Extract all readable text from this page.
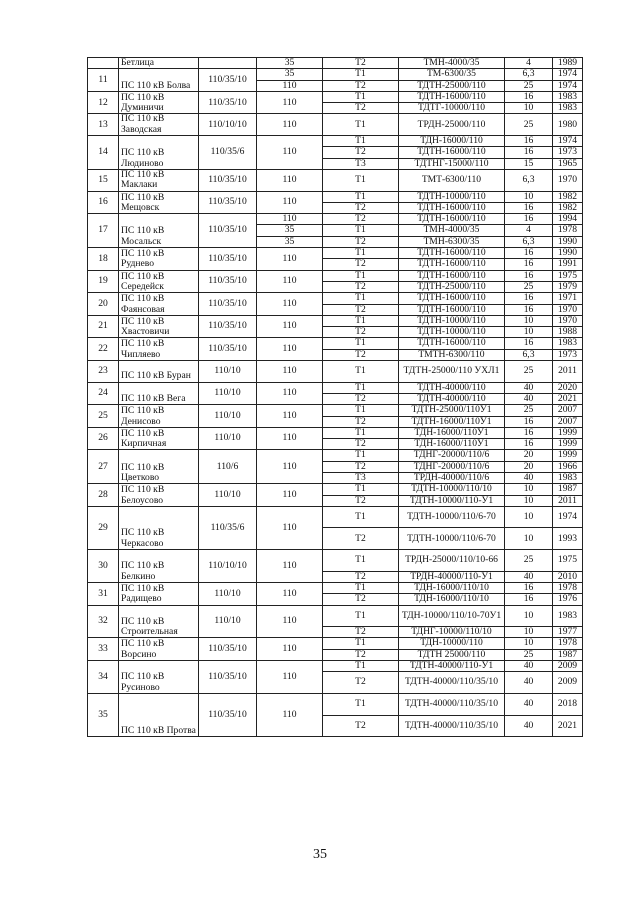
	Бетлица		35	Т2	ТМН-4000/35	4	1989
11	ПС 110 кВ Болва	110/35/10	35	Т1	ТМ-6300/35	6,3	1974
			110	Т2	ТДТН-25000/110	25	1974
12	ПС 110 кВ Думиничи	110/35/10	110	Т1	ТДТН-16000/110	16	1983
				Т2	ТДТГ-10000/110	10	1983
13	ПС 110 кВ Заводская	110/10/10	110	Т1	ТРДН-25000/110	25	1980
14	ПС 110 кВ Людиново	110/35/6	110	Т1	ТДН-16000/110	16	1974
				Т2	ТДТН-16000/110	16	1973
				Т3	ТДТНГ-15000/110	15	1965
15	ПС 110 кВ Маклаки	110/35/10	110	Т1	ТМТ-6300/110	6,3	1970
16	ПС 110 кВ Мещовск	110/35/10	110	Т1	ТДТН-10000/110	10	1982
				Т2	ТДТН-16000/110	16	1982
17	ПС 110 кВ Мосальск	110/35/10	110	Т2	ТДТН-16000/110	16	1994
			35	Т1	ТМН-4000/35	4	1978
			35	Т2	ТМН-6300/35	6,3	1990
18	ПС 110 кВ Руднево	110/35/10	110	Т1	ТДТН-16000/110	16	1990
				Т2	ТДТН-16000/110	16	1991
19	ПС 110 кВ Середейск	110/35/10	110	Т1	ТДТН-16000/110	16	1975
				Т2	ТДТН-25000/110	25	1979
20	ПС 110 кВ Фаянсовая	110/35/10	110	Т1	ТДТН-16000/110	16	1971
				Т2	ТДТН-16000/110	16	1970
21	ПС 110 кВ Хвастовичи	110/35/10	110	Т1	ТДТН-10000/110	10	1970
				Т2	ТДТН-10000/110	10	1988
22	ПС 110 кВ Чипляево	110/35/10	110	Т1	ТДТН-16000/110	16	1983
				Т2	ТМТН-6300/110	6,3	1973
23	ПС 110 кВ Буран	110/10	110	Т1	ТДТН-25000/110 УХЛ1	25	2011
24	ПС 110 кВ Вега	110/10	110	Т1	ТДТН-40000/110	40	2020
				Т2	ТДТН-40000/110	40	2021
25	ПС 110 кВ Денисово	110/10	110	Т1	ТДТН-25000/110У1	25	2007
				Т2	ТДТН-16000/110У1	16	2007
26	ПС 110 кВ Кирпичная	110/10	110	Т1	ТДН-16000/110У1	16	1999
				Т2	ТДН-16000/110У1	16	1999
27	ПС 110 кВ Цветково	110/6	110	Т1	ТДНГ-20000/110/6	20	1999
				Т2	ТДНГ-20000/110/6	20	1966
				Т3	ТРДН-40000/110/6	40	1983
28	ПС 110 кВ Белоусово	110/10	110	Т1	ТДТН-10000/110/10	10	1987
				Т2	ТДТН-10000/110-У1	10	2011
29	ПС 110 кВ Черкасово	110/35/6	110	Т1	ТДТН-10000/110/6-70	10	1974
				Т2	ТДТН-10000/110/6-70	10	1993
30	ПС 110 кВ Белкино	110/10/10	110	Т1	ТРДН-25000/110/10-66	25	1975
				Т2	ТРДН-40000/110-У1	40	2010
31	ПС 110 кВ Радищево	110/10	110	Т1	ТДН-16000/110/10	16	1978
				Т2	ТДН-16000/110/10	16	1976
32	ПС 110 кВ Строительная	110/10	110	Т1	ТДН-10000/110/10-70У1	10	1983
				Т2	ТДНГ-10000/110/10	10	1977
33	ПС 110 кВ Ворсино	110/35/10	110	Т1	ТДН-10000/110	10	1978
				Т2	ТДТН 25000/110	25	1987
34	ПС 110 кВ Русиново	110/35/10	110	Т1	ТДТН-40000/110-У1	40	2009
				Т2	ТДТН-40000/110/35/10	40	2009
35	ПС 110 кВ Протва	110/35/10	110	Т1	ТДТН-40000/110/35/10	40	2018
				Т2	ТДТН-40000/110/35/10	40	2021
35
